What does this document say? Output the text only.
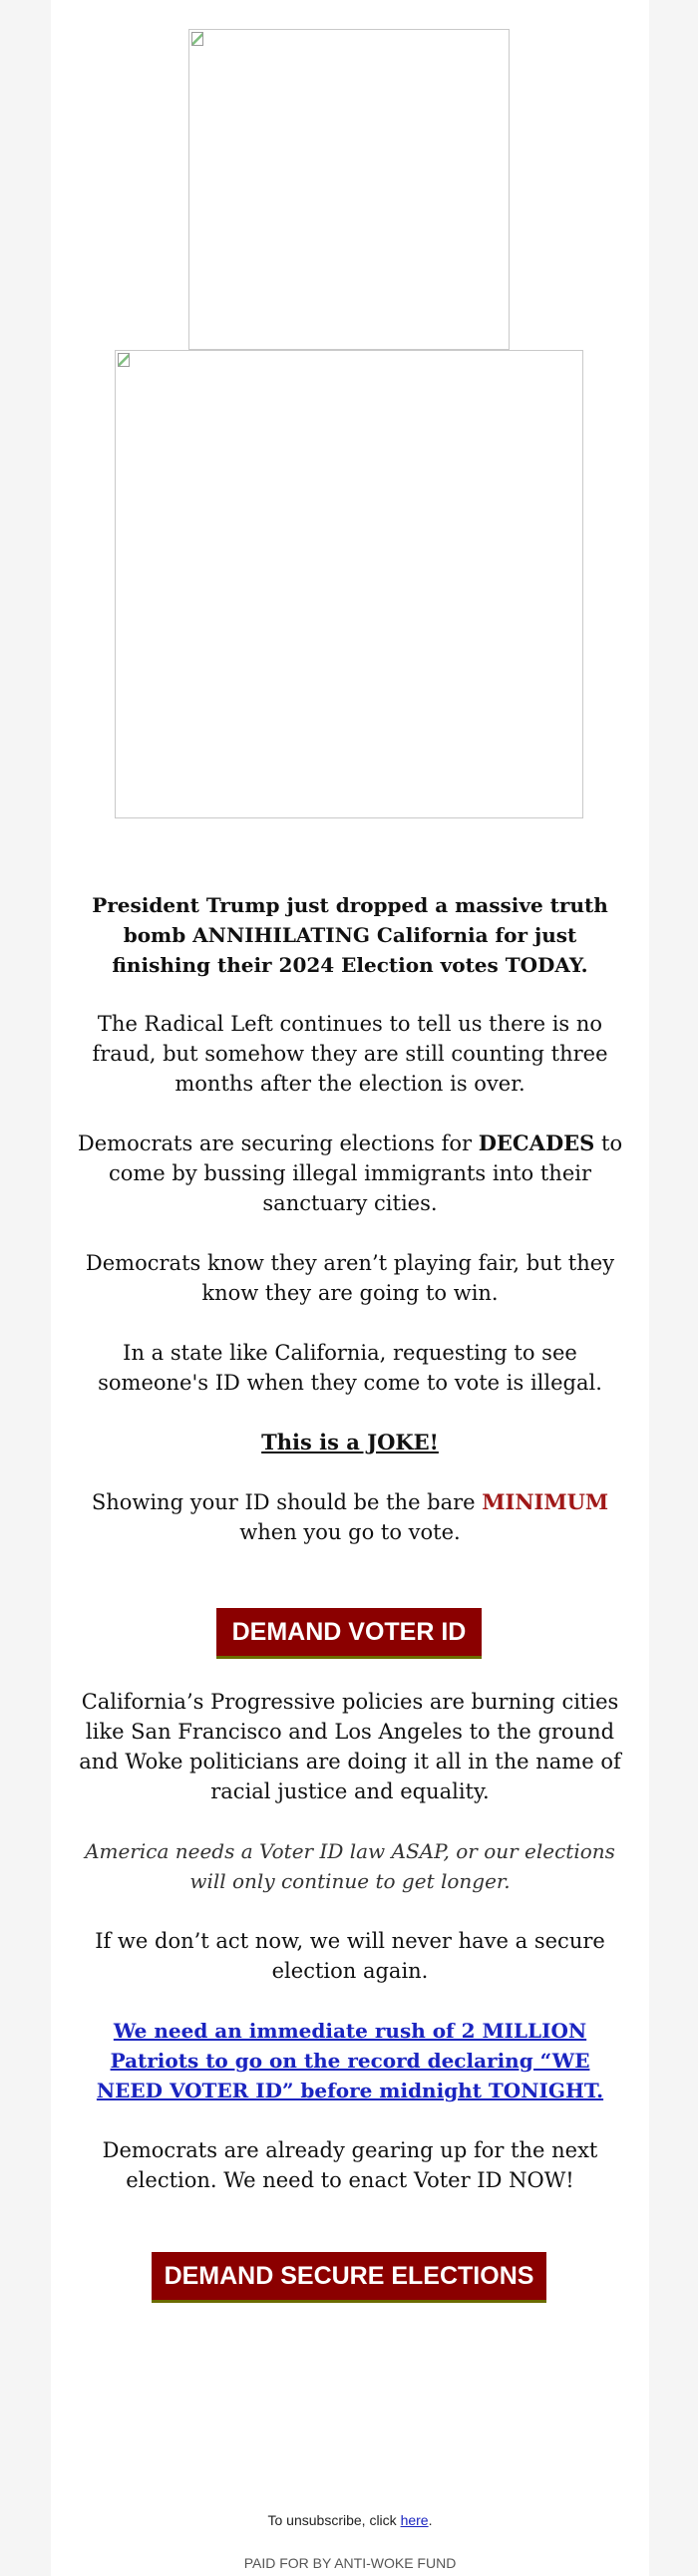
President Trump just dropped a massive truth bomb ANNIHILATING California for just finishing their 2024 Election votes TODAY.

The Radical Left continues to tell us there is no fraud, but somehow they are still counting three months after the election is over.

Democrats are securing elections for DECADES to come by bussing illegal immigrants into their sanctuary cities.

Democrats know they aren’t playing fair, but they know they are going to win.

In a state like California, requesting to see someone's ID when they come to vote is illegal.

This is a JOKE!

Showing your ID should be the bare MINIMUM when you go to vote.

DEMAND VOTER ID

California’s Progressive policies are burning cities like San Francisco and Los Angeles to the ground and Woke politicians are doing it all in the name of racial justice and equality.

America needs a Voter ID law ASAP, or our elections will only continue to get longer.

If we don’t act now, we will never have a secure election again.

We need an immediate rush of 2 MILLION Patriots to go on the record declaring “WE NEED VOTER ID” before midnight TONIGHT.

Democrats are already gearing up for the next election. We need to enact Voter ID NOW!

DEMAND SECURE ELECTIONS
To unsubscribe, click here.
PAID FOR BY ANTI-WOKE FUND
